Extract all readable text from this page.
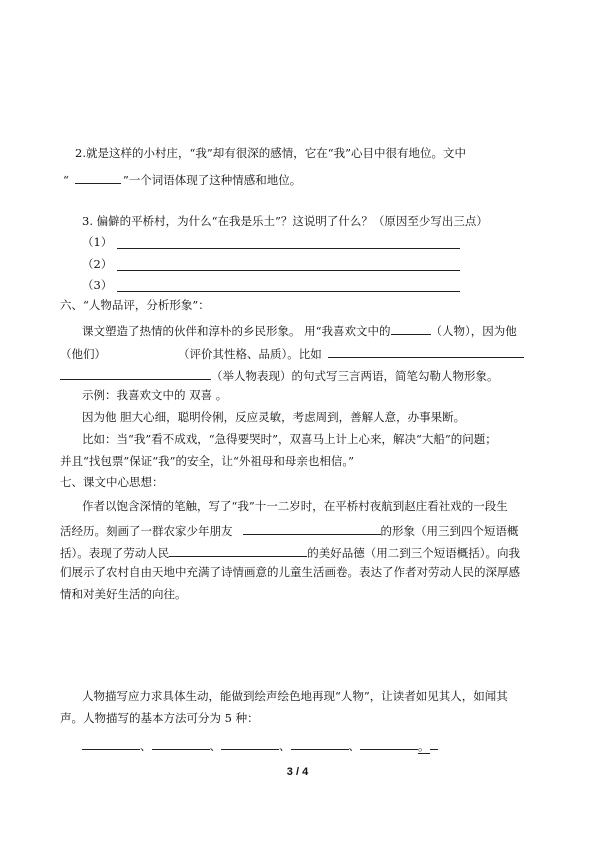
2.就是这样的小村庄，“我”却有很深的感情，它在“我”心目中很有地位。文中
“	”一个词语体现了这种情感和地位。
3. 偏僻的平桥村，为什么“在我是乐土”？这说明了什么？（原因至少写出三点）
（1）
（2）
（3）
六、“人物品评，分析形象”：
课文塑造了热情的伙伴和淳朴的乡民形象。 用“我喜欢文中的	（人物），因为他
（他们）	（评价其性格、品质）。比如
（举人物表现）的句式写三言两语，简笔勾勒人物形象。
示例：我喜欢文中的 双喜 。
因为他 胆大心细，聪明伶俐，反应灵敏，考虑周到，善解人意，办事果断。
比如：当“我”看不成戏，“急得要哭时”，双喜马上计上心来，解决“大船”的问题；
并且“找包票”保证“我”的安全，让“外祖母和母亲也相信。”
七、课文中心思想：
作者以饱含深情的笔触，写了“我”十一二岁时，在平桥村夜航到赵庄看社戏的一段生
活经历。刻画了一群农家少年朋友	的形象（用三到四个短语概
括）。表现了劳动人民	的美好品德（用二到三个短语概括）。向我
们展示了农村自由天地中充满了诗情画意的儿童生活画卷。表达了作者对劳动人民的深厚感
情和对美好生活的向往。
人物描写应力求具体生动，能做到绘声绘色地再现“人物”，让读者如见其人，如闻其
声。人物描写的基本方法可分为 5 种：
、	、	、	、	。
3 / 4
